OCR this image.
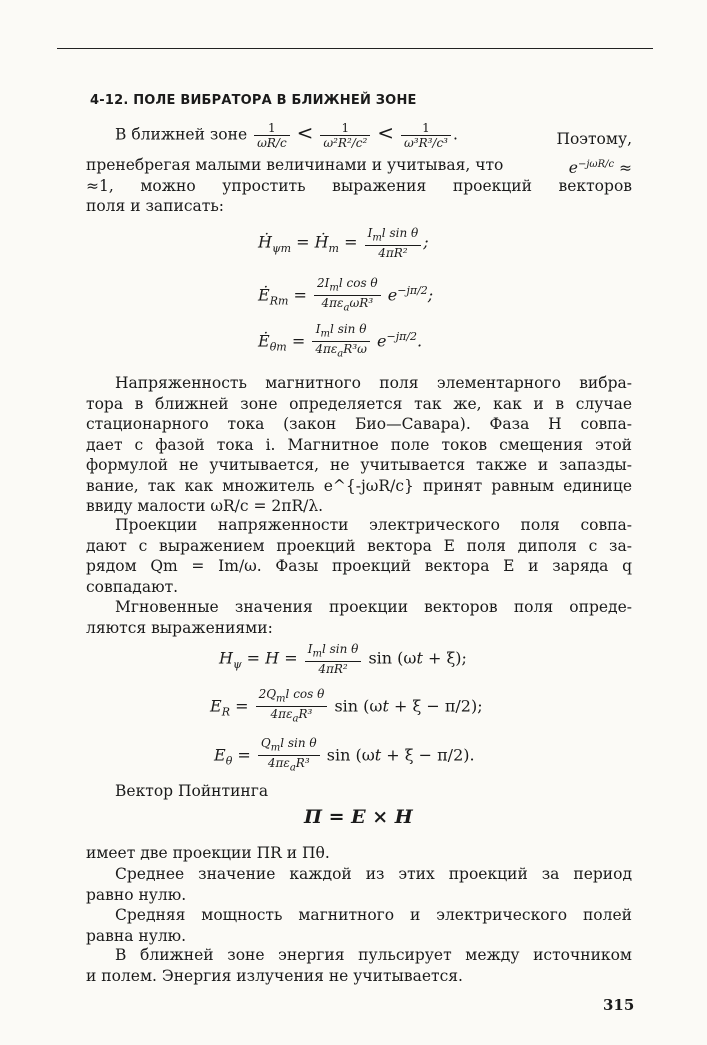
4-12. ПОЛЕ ВИБРАТОРА В БЛИЖНЕЙ ЗОНЕ
В ближней зоне $\frac{1}{\omega R/c} < \frac{1}{\text{ω²R²/c²}} < \frac{1}{\text{ω³R³/c³}}$ .	Поэтому,
пренебрегая малыми величинами и учитывая, что	$e^{-j\omega R/c}$ ≈
≈1, можно упростить выражения проекций векторов
поля и записать:
Ḣ$_{\psi m}$ = Ḣ$_m$ = $\frac{I_ml \sin \theta}{\text{4πR²}}$ ;
$Ė_{Rm} = \frac{2I_ml \cos \theta}{4\pi\varepsilon_a\omega R^3} e^{-j\pi/2}$;
$Ė_{\theta m} = \frac{I_ml \sin \theta}{4\pi\varepsilon_aR^3\omega} e^{-j\pi/2}$.
Напряженность магнитного поля элементарного вибра-
тора в ближней зоне определяется так же, как и в случае
стационарного тока (закон Био—Савара). Фаза H совпа-
дает с фазой тока i. Магнитное поле токов смещения этой
формулой не учитывается, не учитывается также и запазды-
вание, так как множитель e^{-jωR/c} принят равным единице
ввиду малости ωR/c = 2πR/λ.
Проекции напряженности электрического поля совпа-
дают с выражением проекций вектора E поля диполя с за-
рядом Qm = Im/ω. Фазы проекций вектора E и заряда q
совпадают.
Мгновенные значения проекции векторов поля опреде-
ляются выражениями:
$H_\psi = H = \frac{I_ml \sin \theta}{\text{4πR²}}$ sin (ωt + ξ);
$E_R = \frac{2Q_ml \cos \theta}{4\pi\varepsilon_aR^3}$ sin (ωt + ξ − π/2);
$E_\theta = \frac{Q_ml \sin \theta}{4\pi\varepsilon_aR^3}$ sin (ωt + ξ − π/2).
Вектор Пойнтинга
Π = E × H
имеет две проекции ΠR и Πθ.
Среднее значение каждой из этих проекций за период
равно нулю.
Средняя мощность магнитного и электрического полей
равна нулю.
В ближней зоне энергия пульсирует между источником
и полем. Энергия излучения не учитывается.
315
